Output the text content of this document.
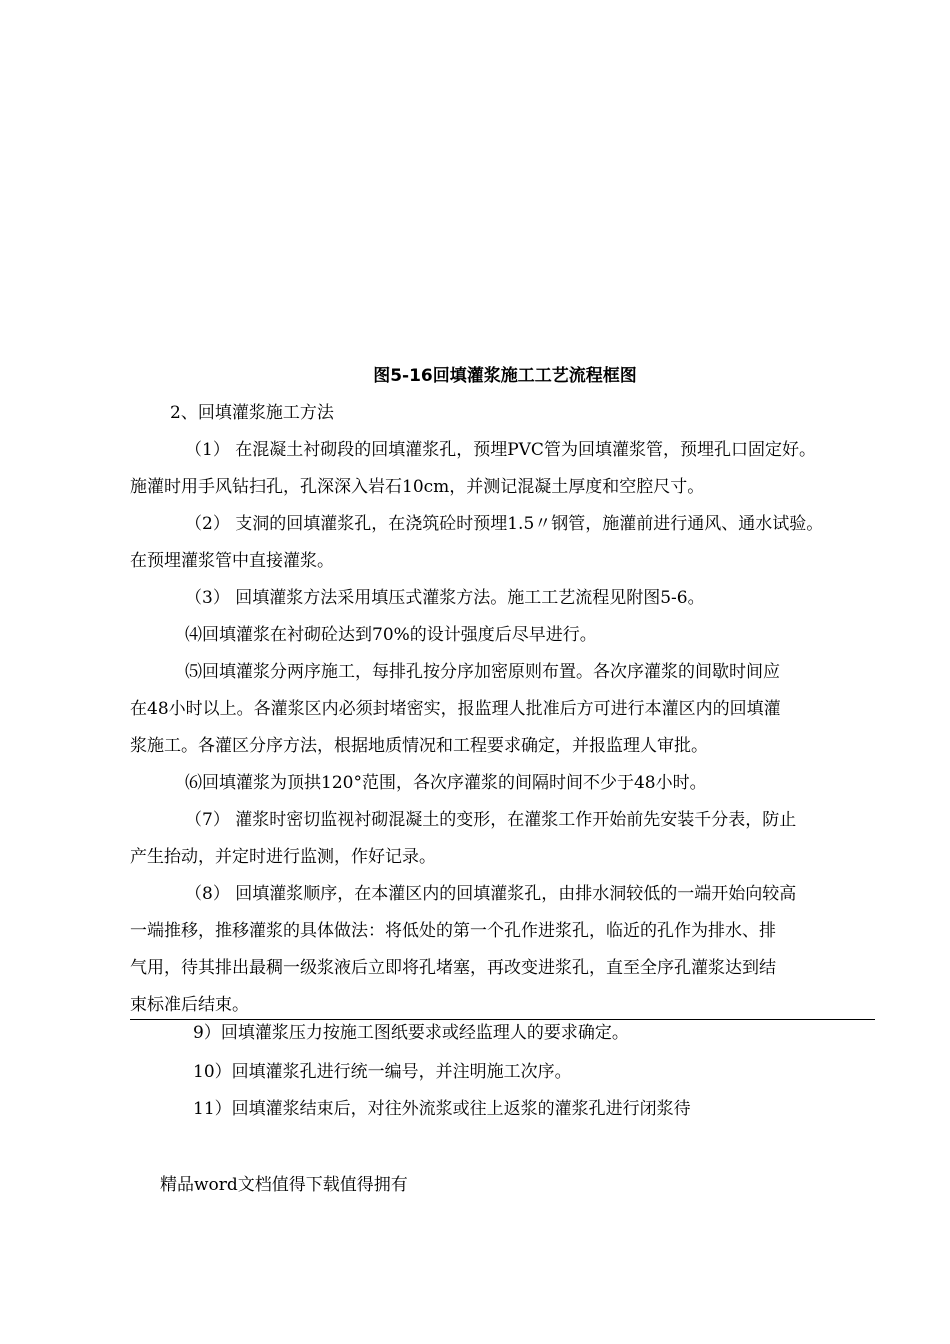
图5-16回填灌浆施工工艺流程框图
2、回填灌浆施工方法
（1） 在混凝土衬砌段的回填灌浆孔，预埋PVC管为回填灌浆管，预埋孔口固定好。
施灌时用手风钻扫孔，孔深深入岩石10cm，并测记混凝土厚度和空腔尺寸。
（2） 支洞的回填灌浆孔，在浇筑砼时预埋1.5〃钢管，施灌前进行通风、通水试验。
在预埋灌浆管中直接灌浆。
（3） 回填灌浆方法采用填压式灌浆方法。施工工艺流程见附图5-6。
⑷回填灌浆在衬砌砼达到70%的设计强度后尽早进行。
⑸回填灌浆分两序施工，每排孔按分序加密原则布置。各次序灌浆的间歇时间应
在48小时以上。各灌浆区内必须封堵密实，报监理人批准后方可进行本灌区内的回填灌
浆施工。各灌区分序方法，根据地质情况和工程要求确定，并报监理人审批。
⑹回填灌浆为顶拱120°范围，各次序灌浆的间隔时间不少于48小时。
（7） 灌浆时密切监视衬砌混凝土的变形，在灌浆工作开始前先安装千分表，防止
产生抬动，并定时进行监测，作好记录。
（8） 回填灌浆顺序，在本灌区内的回填灌浆孔，由排水洞较低的一端开始向较高
一端推移，推移灌浆的具体做法：将低处的第一个孔作进浆孔，临近的孔作为排水、排
气用，待其排出最稠一级浆液后立即将孔堵塞，再改变进浆孔，直至全序孔灌浆达到结
束标准后结束。
9）回填灌浆压力按施工图纸要求或经监理人的要求确定。
10）回填灌浆孔进行统一编号，并注明施工次序。
11）回填灌浆结束后，对往外流浆或往上返浆的灌浆孔进行闭浆待
精品word文档值得下载值得拥有
